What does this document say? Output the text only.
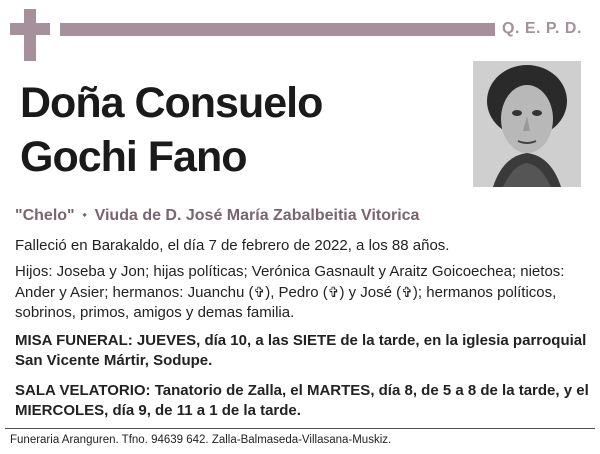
Q. E. P. D.
Doña Consuelo
Gochi Fano
"Chelo" ⬩ Viuda de D. José María Zabalbeitia Vitorica
Falleció en Barakaldo, el día 7 de febrero de 2022, a los 88 años.
Hijos: Joseba y Jon; hijas políticas; Verónica Gasnault y Araitz Goicoechea; nietos: Ander y Asier; hermanos: Juanchu (✞), Pedro (✞) y José (✞); hermanos políticos, sobrinos, primos, amigos y demas familia.
MISA FUNERAL: JUEVES, día 10, a las SIETE de la tarde, en la iglesia parroquial San Vicente Mártir, Sodupe.
SALA VELATORIO: Tanatorio de Zalla, el MARTES, día 8, de 5 a 8 de la tarde, y el MIERCOLES, día 9, de 11 a 1 de la tarde.
Funeraria Aranguren. Tfno. 94639 642. Zalla-Balmaseda-Villasana-Muskiz.
